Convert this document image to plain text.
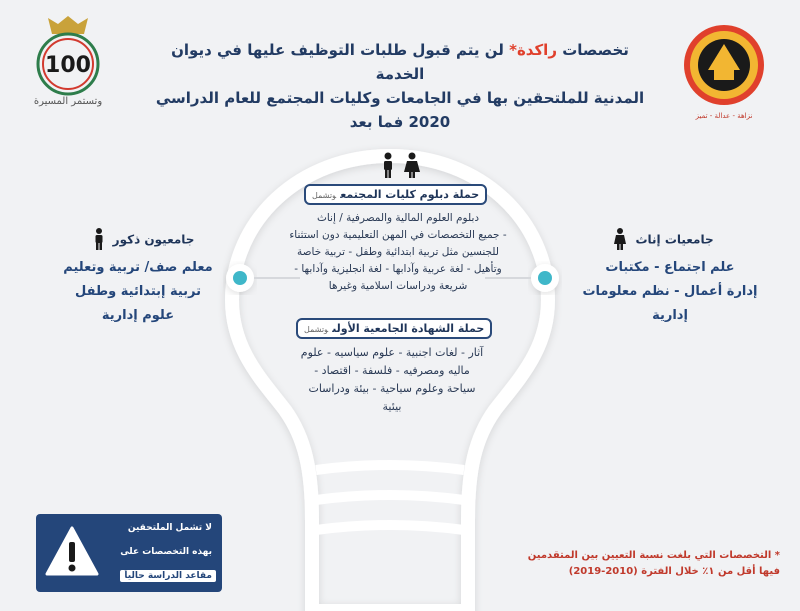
100
وتستمر المسيرة
نزاهة - عدالة - تميز
تخصصات راكدة* لن يتم قبول طلبات التوظيف عليها في ديوان الخدمة
المدنية للملتحقين بها في الجامعات وكليات المجتمع للعام الدراسي
2020 فما بعد
حملة دبلوم كليات المجتمعوتشمل
دبلوم العلوم المالية والمصرفية / إناث
- جميع التخصصات في المهن التعليمية دون استثناء
للجنسين مثل تربية ابتدائية وطفل - تربية خاصة
وتأهيل - لغة عربية وآدابها - لغة انجليزية وآدابها -
شريعة ودراسات اسلامية وغيرها
حملة الشهادة الجامعية الأولىوتشمل
آثار - لغات اجنبية - علوم سياسيه - علوم
ماليه ومصرفيه - فلسفة - اقتصاد -
سياحة وعلوم سياحية - بيئة ودراسات
بيئية
جامعيون ذكور
معلم صف/ تربية وتعليم
تربية إبتدائية وطفل
علوم إدارية
جامعيات إناث
علم اجتماع - مكتبات
إدارة أعمال - نظم معلومات
إدارية
لا تشمل الملتحقين
بهذه التخصصات على
مقاعد الدراسة حالياً
* التخصصات التي بلغت نسبة التعيين بين المتقدمين
فيها أقل من ١٪ خلال الفترة (2010-2019)
